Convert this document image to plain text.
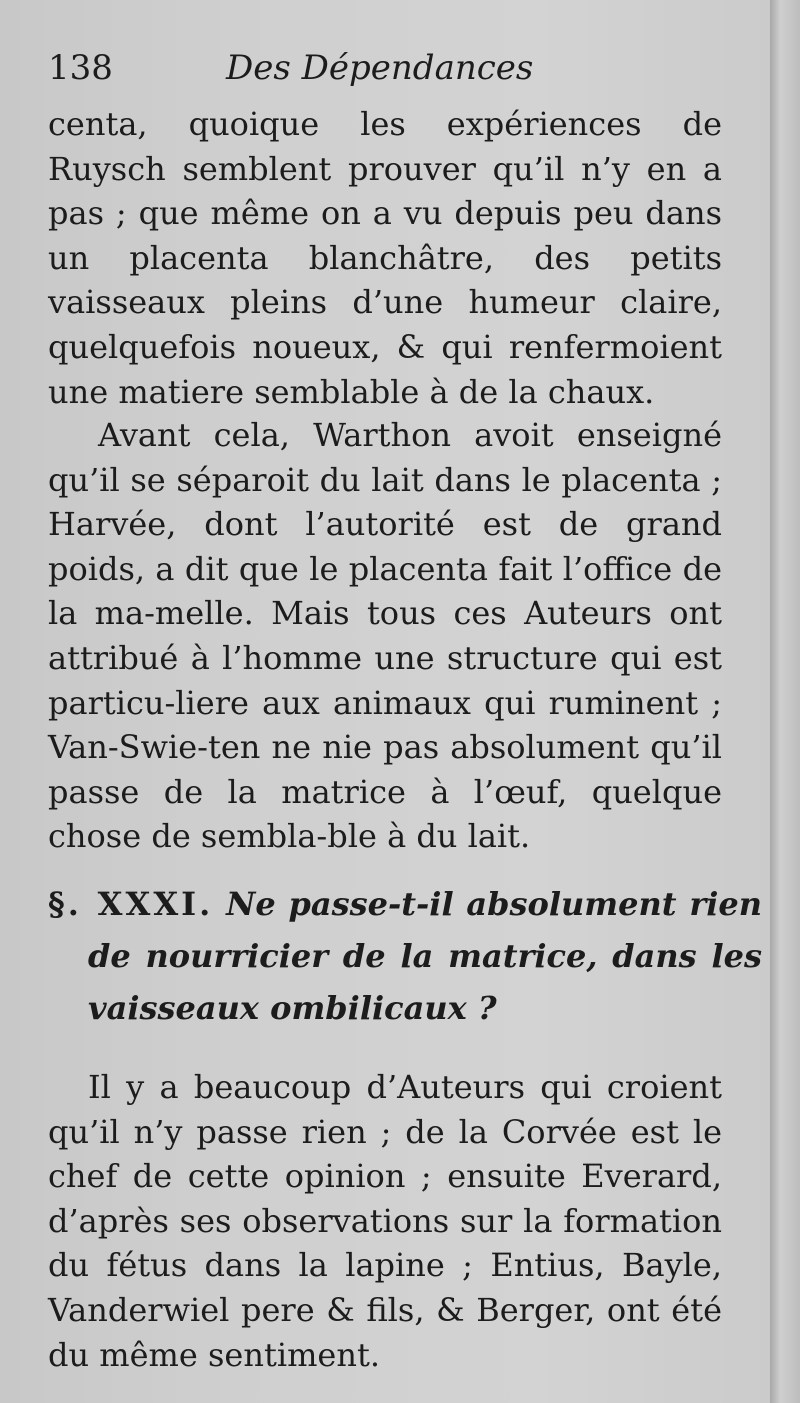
138	Des Dépendances

centa, quoique les expériences de Ruysch semblent prouver qu’il n’y en a pas ; que même on a vu depuis peu dans un placenta blanchâtre, des petits vaisseaux pleins d’une humeur claire, quelquefois noueux, & qui renfermoient une matiere semblable à de la chaux.

Avant cela, Warthon avoit enseigné qu’il se séparoit du lait dans le placenta ; Harvée, dont l’autorité est de grand poids, a dit que le placenta fait l’office de la ma-melle. Mais tous ces Auteurs ont attribué à l’homme une structure qui est particu-liere aux animaux qui ruminent ; Van-Swie-ten ne nie pas absolument qu’il passe de la matrice à l’œuf, quelque chose de sembla-ble à du lait.

§. XXXI. Ne passe-t-il absolument rien de nourricier de la matrice, dans les vaisseaux ombilicaux ?

Il y a beaucoup d’Auteurs qui croient qu’il n’y passe rien ; de la Corvée est le chef de cette opinion ; ensuite Everard, d’après ses observations sur la formation du fétus dans la lapine ; Entius, Bayle, Vanderwiel pere & fils, & Berger, ont été du même sentiment.
